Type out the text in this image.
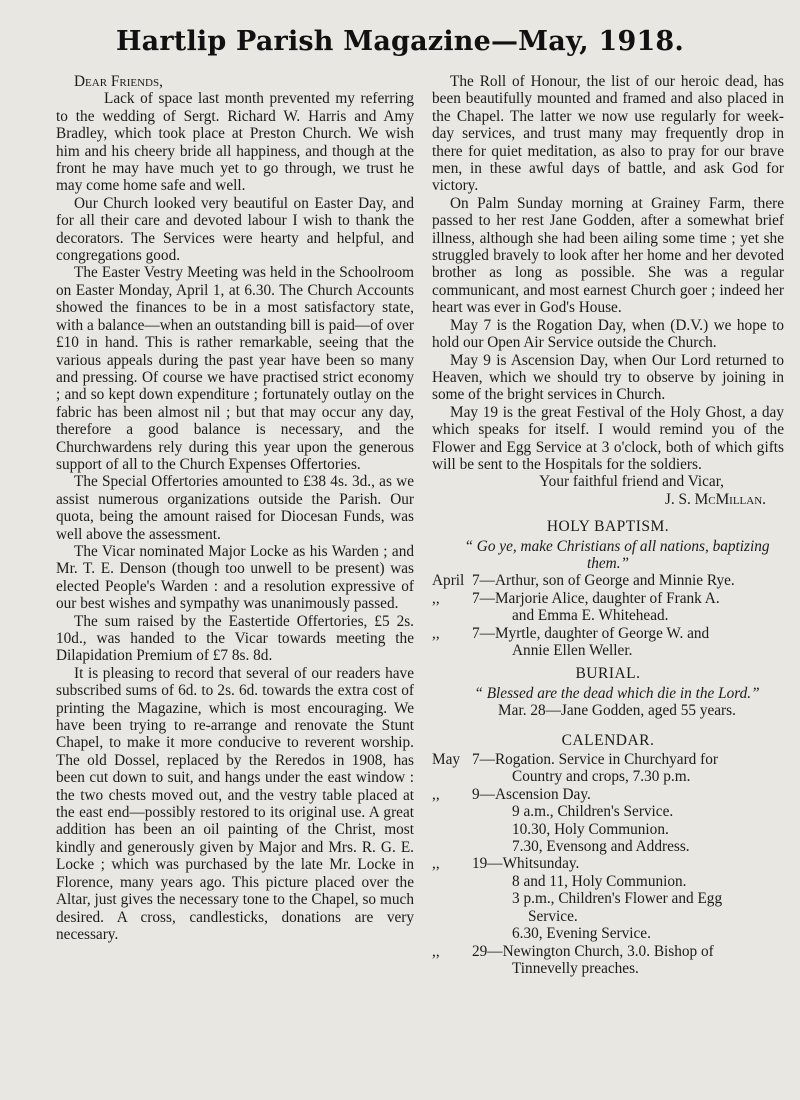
Hartlip Parish Magazine—May, 1918.

Dear Friends,

Lack of space last month prevented my referring to the wedding of Sergt. Richard W. Harris and Amy Bradley, which took place at Preston Church. We wish him and his cheery bride all happiness, and though at the front he may have much yet to go through, we trust he may come home safe and well.

Our Church looked very beautiful on Easter Day, and for all their care and devoted labour I wish to thank the decorators. The Services were hearty and helpful, and congregations good.

The Easter Vestry Meeting was held in the Schoolroom on Easter Monday, April 1, at 6.30. The Church Accounts showed the finances to be in a most satisfactory state, with a balance—when an outstanding bill is paid—of over £10 in hand. This is rather remarkable, seeing that the various appeals during the past year have been so many and pressing. Of course we have practised strict economy ; and so kept down expenditure ; fortunately outlay on the fabric has been almost nil ; but that may occur any day, therefore a good balance is necessary, and the Churchwardens rely during this year upon the generous support of all to the Church Expenses Offertories.

The Special Offertories amounted to £38 4s. 3d., as we assist numerous organizations outside the Parish. Our quota, being the amount raised for Diocesan Funds, was well above the assessment.

The Vicar nominated Major Locke as his Warden ; and Mr. T. E. Denson (though too unwell to be present) was elected People's Warden : and a resolution expressive of our best wishes and sympathy was unanimously passed.

The sum raised by the Eastertide Offertories, £5 2s. 10d., was handed to the Vicar towards meeting the Dilapidation Premium of £7 8s. 8d.

It is pleasing to record that several of our readers have subscribed sums of 6d. to 2s. 6d. towards the extra cost of printing the Magazine, which is most encouraging. We have been trying to re-arrange and renovate the Stunt Chapel, to make it more conducive to reverent worship. The old Dossel, replaced by the Reredos in 1908, has been cut down to suit, and hangs under the east window : the two chests moved out, and the vestry table placed at the east end—possibly restored to its original use. A great addition has been an oil painting of the Christ, most kindly and generously given by Major and Mrs. R. G. E. Locke ; which was purchased by the late Mr. Locke in Florence, many years ago. This picture placed over the Altar, just gives the necessary tone to the Chapel, so much desired. A cross, candlesticks, donations are very necessary.

The Roll of Honour, the list of our heroic dead, has been beautifully mounted and framed and also placed in the Chapel. The latter we now use regularly for week-day services, and trust many may frequently drop in there for quiet meditation, as also to pray for our brave men, in these awful days of battle, and ask God for victory.

On Palm Sunday morning at Grainey Farm, there passed to her rest Jane Godden, after a somewhat brief illness, although she had been ailing some time ; yet she struggled bravely to look after her home and her devoted brother as long as possible. She was a regular communicant, and most earnest Church goer ; indeed her heart was ever in God's House.

May 7 is the Rogation Day, when (D.V.) we hope to hold our Open Air Service outside the Church.

May 9 is Ascension Day, when Our Lord returned to Heaven, which we should try to observe by joining in some of the bright services in Church.

May 19 is the great Festival of the Holy Ghost, a day which speaks for itself. I would remind you of the Flower and Egg Service at 3 o'clock, both of which gifts will be sent to the Hospitals for the soldiers.

Your faithful friend and Vicar,

J. S. McMillan.

HOLY BAPTISM.

“ Go ye, make Christians of all nations, baptizing them.”

April 7—Arthur, son of George and Minnie Rye.
,,	7—Marjorie Alice, daughter of Frank A.
and Emma E. Whitehead.
,,	7—Myrtle, daughter of George W. and
Annie Ellen Weller.
BURIAL.

“ Blessed are the dead which die in the Lord.”

Mar. 28—Jane Godden, aged 55 years.

CALENDAR.
May 7—Rogation. Service in Churchyard for
Country and crops, 7.30 p.m.
,,	9—Ascension Day.
9 a.m., Children's Service.
10.30, Holy Communion.
7.30, Evensong and Address.
,,	19—Whitsunday.
8 and 11, Holy Communion.
3 p.m., Children's Flower and Egg
Service.
6.30, Evening Service.
,,	29—Newington Church, 3.0. Bishop of
Tinnevelly preaches.
